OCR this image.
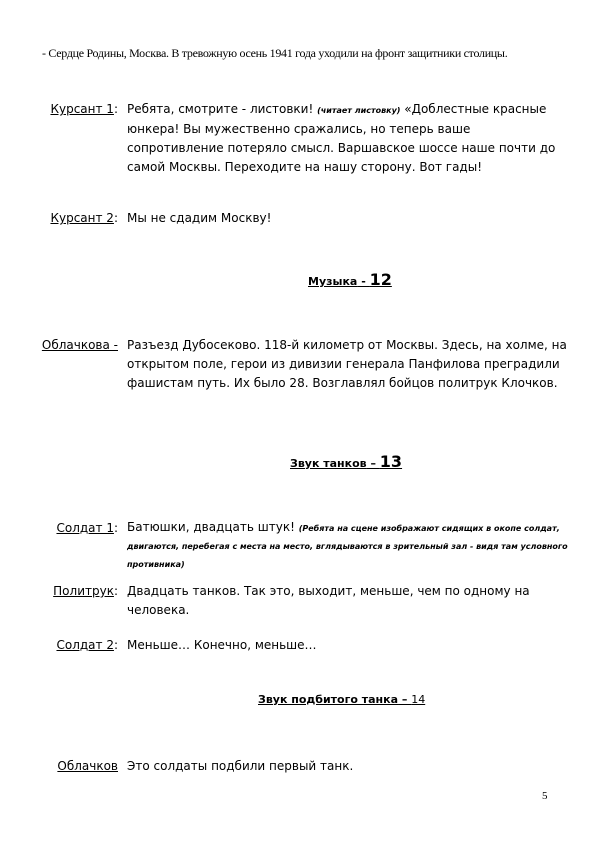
- Сердце Родины, Москва. В тревожную осень 1941 года уходили на фронт защитники столицы.

Курсант 1: Ребята, смотрите - листовки! (читает листовку) «Доблестные красные юнкера! Вы мужественно сражались, но теперь ваше сопротивление потеряло смысл. Варшавское шоссе наше почти до самой Москвы. Переходите на нашу сторону. Вот гады!

Курсант 2: Мы не сдадим Москву!

Музыка - 12

Облачкова - Разъезд Дубосеково. 118-й километр от Москвы. Здесь, на холме, на открытом поле, герои из дивизии генерала Панфилова преградили фашистам путь. Их было 28. Возглавлял бойцов политрук Клочков.

Звук танков – 13

Солдат 1: Батюшки, двадцать штук! (Ребята на сцене изображают сидящих в окопе солдат, двигаются, перебегая с места на место, вглядываются в зрительный зал - видя там условного противника)

Политрук: Двадцать танков. Так это, выходит, меньше, чем по одному на человека.

Солдат 2: Меньше… Конечно, меньше…

Звук подбитого танка – 14

Облачков Это солдаты подбили первый танк.

5
